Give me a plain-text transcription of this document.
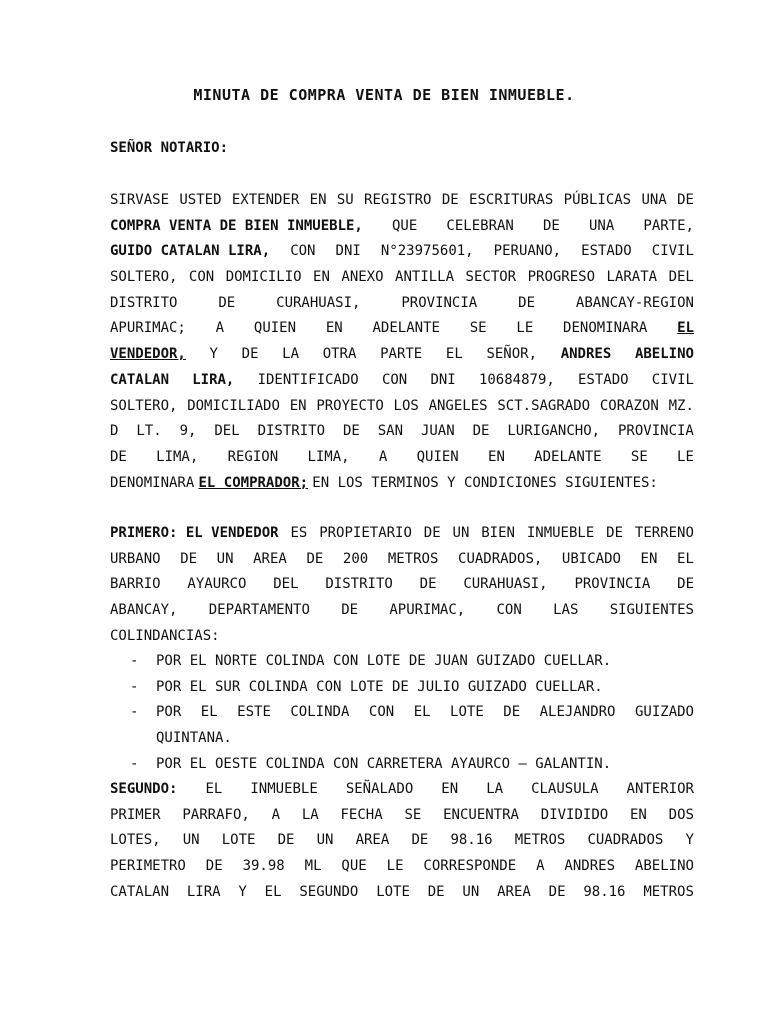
MINUTA DE COMPRA VENTA DE BIEN INMUEBLE.
SEÑOR NOTARIO:
SIRVASE USTED EXTENDER EN SU REGISTRO DE ESCRITURAS PÚBLICAS UNA DE
COMPRA VENTA DE BIEN INMUEBLE, QUE CELEBRAN DE UNA PARTE,
GUIDO CATALAN LIRA, CON DNI N°23975601, PERUANO, ESTADO CIVIL
SOLTERO, CON DOMICILIO EN ANEXO ANTILLA SECTOR PROGRESO LARATA DEL
DISTRITO	DE	CURAHUASI,	PROVINCIA	DE	ABANCAY-REGION
APURIMAC; A QUIEN EN ADELANTE SE LE DENOMINARA EL
VENDEDOR, Y DE LA OTRA PARTE EL SEÑOR, ANDRES ABELINO
CATALAN LIRA, IDENTIFICADO CON DNI 10684879, ESTADO CIVIL
SOLTERO, DOMICILIADO EN PROYECTO LOS ANGELES SCT.SAGRADO CORAZON MZ.
D LT. 9, DEL DISTRITO DE SAN JUAN DE LURIGANCHO, PROVINCIA
DE LIMA, REGION LIMA, A QUIEN EN ADELANTE SE LE
DENOMINARA EL COMPRADOR; EN LOS TERMINOS Y CONDICIONES SIGUIENTES:
PRIMERO: EL VENDEDOR ES PROPIETARIO DE UN BIEN INMUEBLE DE TERRENO
URBANO DE UN AREA DE 200 METROS CUADRADOS, UBICADO EN EL
BARRIO AYAURCO DEL DISTRITO DE CURAHUASI, PROVINCIA DE
ABANCAY, DEPARTAMENTO DE APURIMAC, CON LAS SIGUIENTES
COLINDANCIAS:
-	POR EL NORTE COLINDA CON LOTE DE JUAN GUIZADO CUELLAR.
-	POR EL SUR COLINDA CON LOTE DE JULIO GUIZADO CUELLAR.
-	POR EL ESTE COLINDA CON EL LOTE DE ALEJANDRO GUIZADO
QUINTANA.
-	POR EL OESTE COLINDA CON CARRETERA AYAURCO – GALANTIN.
SEGUNDO: EL INMUEBLE SEÑALADO EN LA CLAUSULA ANTERIOR
PRIMER PARRAFO, A LA FECHA SE ENCUENTRA DIVIDIDO EN DOS
LOTES, UN LOTE DE UN AREA DE 98.16 METROS CUADRADOS Y
PERIMETRO DE 39.98 ML QUE LE CORRESPONDE A ANDRES ABELINO
CATALAN LIRA Y EL SEGUNDO LOTE DE UN AREA DE 98.16 METROS
